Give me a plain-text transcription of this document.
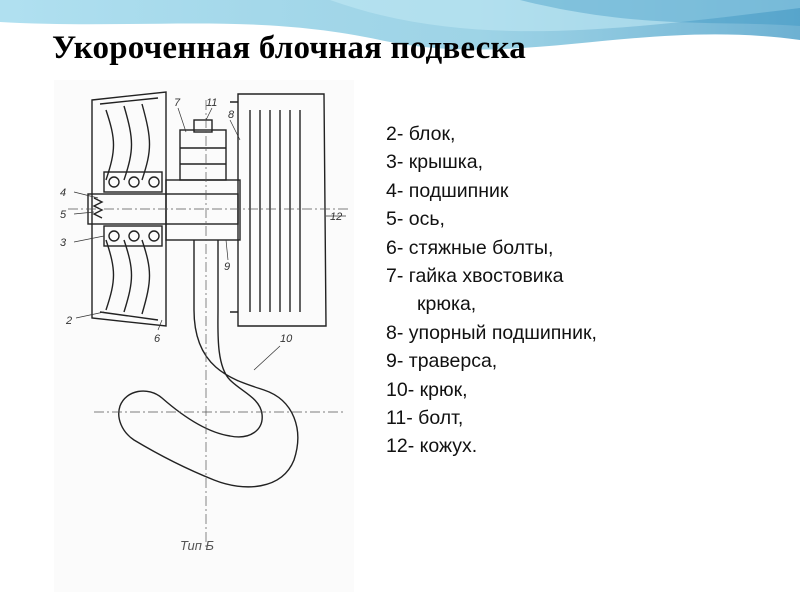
Укороченная блочная подвеска
7 11
8
4
5
3
2
6
9
10
12
Тип Б
2- блок,
3- крышка,
4- подшипник
5- ось,
6- стяжные болты,
7- гайка хвостовика
крюка,
8- упорный подшипник,
9- траверса,
10- крюк,
11- болт,
12- кожух.
